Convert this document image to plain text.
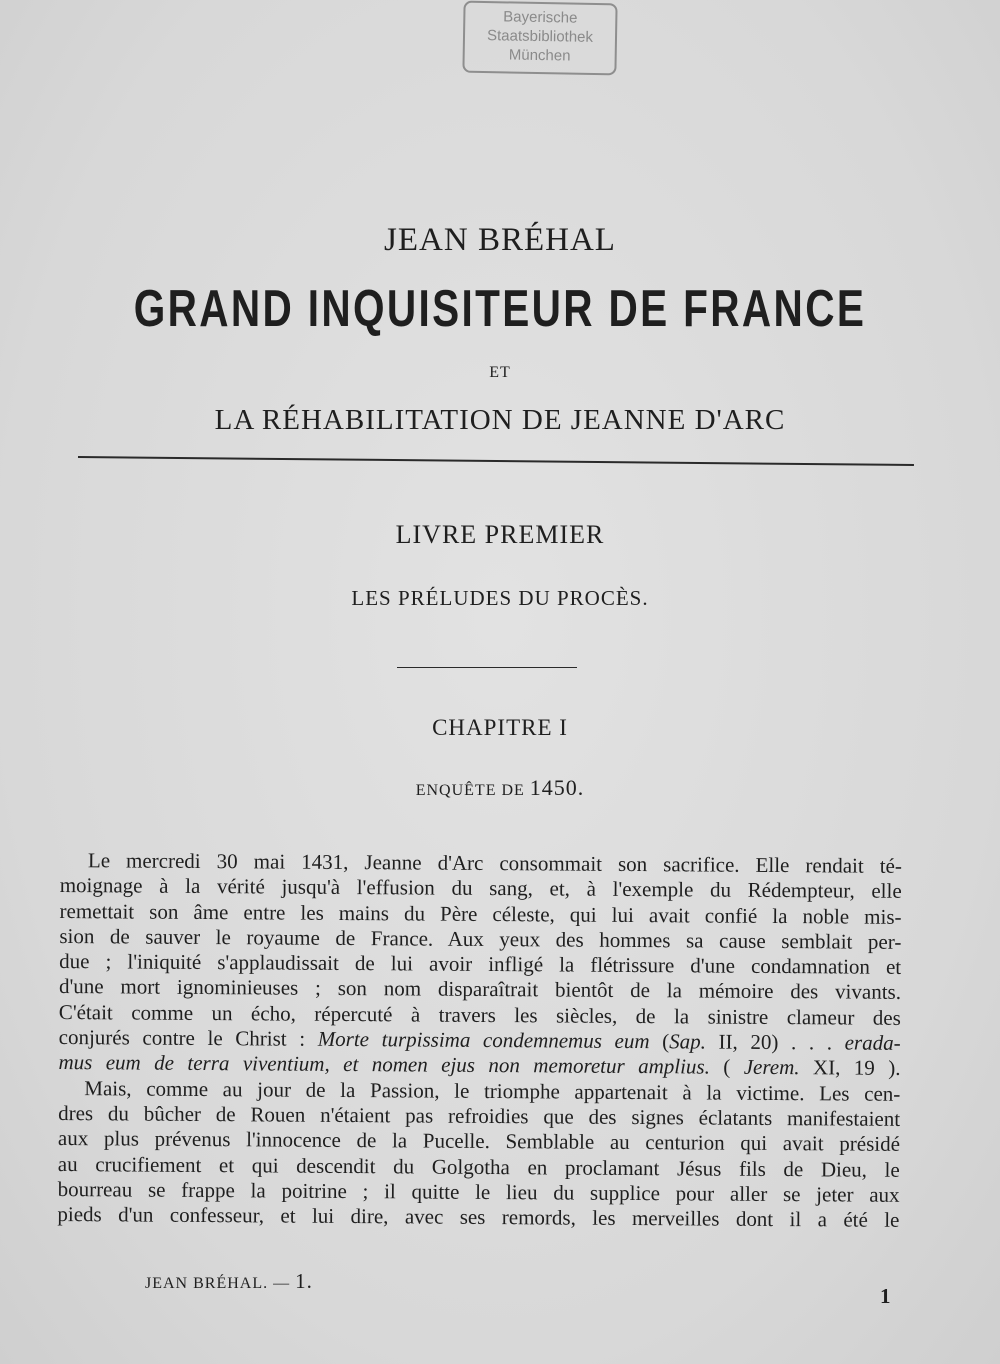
Bayerische
Staatsbibliothek
München
JEAN BRÉHAL
GRAND INQUISITEUR DE FRANCE
ET
LA RÉHABILITATION DE JEANNE D'ARC
LIVRE PREMIER
LES PRÉLUDES DU PROCÈS.
CHAPITRE I
ENQUÊTE DE 1450.
Le mercredi 30 mai 1431, Jeanne d'Arc consommait son sacrifice. Elle rendait té-
moignage à la vérité jusqu'à l'effusion du sang, et, à l'exemple du Rédempteur, elle
remettait son âme entre les mains du Père céleste, qui lui avait confié la noble mis-
sion de sauver le royaume de France. Aux yeux des hommes sa cause semblait per-
due ; l'iniquité s'applaudissait de lui avoir infligé la flétrissure d'une condamnation et
d'une mort ignominieuses ; son nom disparaîtrait bientôt de la mémoire des vivants.
C'était comme un écho, répercuté à travers les siècles, de la sinistre clameur des
conjurés contre le Christ : Morte turpissima condemnemus eum (Sap. II, 20) . . . erada-
mus eum de terra viventium, et nomen ejus non memoretur amplius. ( Jerem. XI, 19 ).
Mais, comme au jour de la Passion, le triomphe appartenait à la victime. Les cen-
dres du bûcher de Rouen n'étaient pas refroidies que des signes éclatants manifestaient
aux plus prévenus l'innocence de la Pucelle. Semblable au centurion qui avait présidé
au crucifiement et qui descendit du Golgotha en proclamant Jésus fils de Dieu, le
bourreau se frappe la poitrine ; il quitte le lieu du supplice pour aller se jeter aux
pieds d'un confesseur, et lui dire, avec ses remords, les merveilles dont il a été le
JEAN BRÉHAL. — 1.
1
